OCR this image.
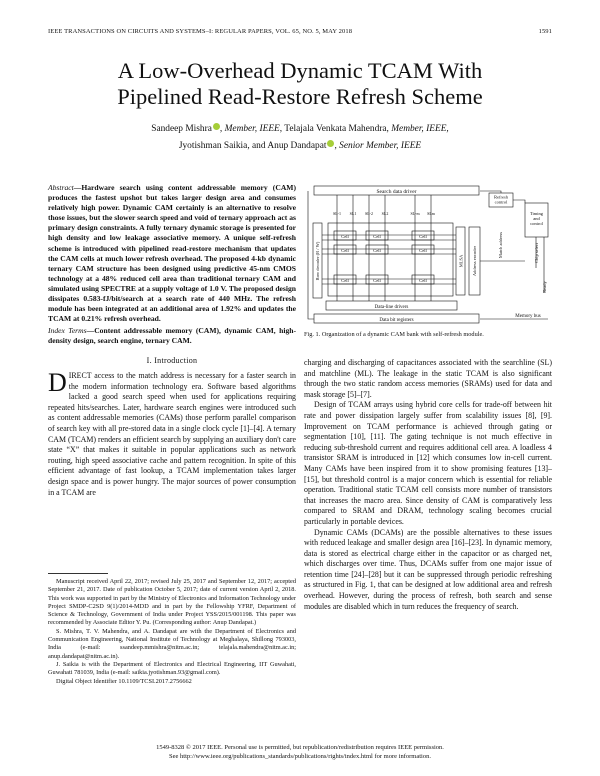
IEEE TRANSACTIONS ON CIRCUITS AND SYSTEMS–I: REGULAR PAPERS, VOL. 65, NO. 5, MAY 2018	1591
A Low-Overhead Dynamic TCAM With
Pipelined Read-Restore Refresh Scheme
Sandeep Mishra , Member, IEEE, Telajala Venkata Mahendra, Member, IEEE,
Jyotishman Saikia, and Anup Dandapat , Senior Member, IEEE
Abstract—Hardware search using content addressable memory (CAM) produces the fastest upshot but takes larger design area and consumes relatively high power. Dynamic CAM certainly is an alternative to resolve those issues, but the slower search speed and void of ternary approach act as primary design constraints. A fully ternary dynamic storage is presented for high density and low leakage associative memory. A unique self-refresh scheme is introduced with pipelined read-restore mechanism that updates the CAM cells at much lower refresh overhead. The proposed 4-kb dynamic ternary CAM structure has been designed using predictive 45-nm CMOS technology at a 48% reduced cell area than traditional ternary CAM and simulated using SPECTRE at a supply voltage of 1.0 V. The proposed design dissipates 0.583-fJ/bit/search at a search rate of 440 MHz. The refresh module has been integrated at an additional area of 1.92% and updates the TCAM at 0.21% refresh overhead.
Index Terms—Content addressable memory (CAM), dynamic CAM, high-density design, search engine, ternary CAM.
I. Introduction
DIRECT access to the match address is necessary for a faster search in the modern information technology era. Software based algorithms lacked a good search speed when used for applications requiring repeated hits/searches. Later, hardware search engines were introduced such as content addressable memories (CAMs) those perform parallel comparison of search key with all pre-stored data in a single clock cycle [1]–[4]. A ternary CAM (TCAM) renders an efficient search by supplying an auxiliary don't care state “X” that makes it suitable in popular applications such as network routing, high speed associative cache and pattern recognition. In spite of this efficient advantage of fast lookup, a TCAM implementation takes larger design space and is power hungry. The major sources of power consumption in a TCAM are

Manuscript received April 22, 2017; revised July 25, 2017 and September 12, 2017; accepted September 21, 2017. Date of publication October 5, 2017; date of current version April 2, 2018. This work was supported in part by the Ministry of Electronics and Information Technology under Project SMDP-C2SD 9(1)/2014-MDD and in part by the Fellowship YFRF, Department of Science & Technology, Government of India under Project YSS/2015/001198. This paper was recommended by Associate Editor Y. Pu. (Corresponding author: Anup Dandapat.)

S. Mishra, T. V. Mahendra, and A. Dandapat are with the Department of Electronics and Communication Engineering, National Institute of Technology at Meghalaya, Shillong 793003, India (e-mail: ssandeep.mmishra@nitm.ac.in; telajala.mahendra@nitm.ac.in; anup.dandapat@nitm.ac.in).

J. Saikia is with the Department of Electronics and Electrical Engineering, IIT Guwahati, Guwahati 781039, India (e-mail: saikia.jyotishman.93@gmail.com).

Digital Object Identifier 10.1109/TCSI.2017.2756662

Search data driver
Refresh control
Timing and control
Row decoder (R / W)	MLSA Address encoder
Match address	Chip select
Ready
Data-line drivers
Data bit registers
Memory bus
Cell	Cell	Cell
Cell	Cell	Cell
Cell	Cell	Cell
SL-1 SL1 SL-2 SL2	SL-m SLm
Fig. 1. Organization of a dynamic CAM bank with self-refresh module.

charging and discharging of capacitances associated with the searchline (SL) and matchline (ML). The leakage in the static TCAM is also significant through the two static random access memories (SRAMs) used for data and mask storage [5]–[7].

Design of TCAM arrays using hybrid core cells for trade-off between hit rate and power dissipation largely suffer from scalability issues [8], [9]. Improvement on TCAM performance is achieved through gating or segmentation [10], [11]. The gating technique is not much effective in reducing sub-threshold current and requires additional cell area. A loadless 4 transistor SRAM is introduced in [12] which consumes low in-cell current. Many CAMs have been inspired from it to show promising features [13]–[15], but threshold control is a major concern which is essential for reliable operation. Traditional static TCAM cell consists more number of transistors that increases the macro area. Since density of CAM is comparatively less compared to SRAM and DRAM, technology scaling becomes crucial particularly in portable devices.

Dynamic CAMs (DCAMs) are the possible alternatives to these issues with reduced leakage and smaller design area [16]–[23]. In dynamic memory, data is stored as electrical charge either in the capacitor or as charged net, which discharges over time. Thus, DCAMs suffer from one major issue of retention time [24]–[28] but it can be suppressed through periodic refreshing as structured in Fig. 1, that can be designed at low additional area and refresh overhead. However, during the process of refresh, both search and sense modules are disabled which in turn reduces the frequency of search.

1549-8328 © 2017 IEEE. Personal use is permitted, but republication/redistribution requires IEEE permission.
See http://www.ieee.org/publications_standards/publications/rights/index.html for more information.
